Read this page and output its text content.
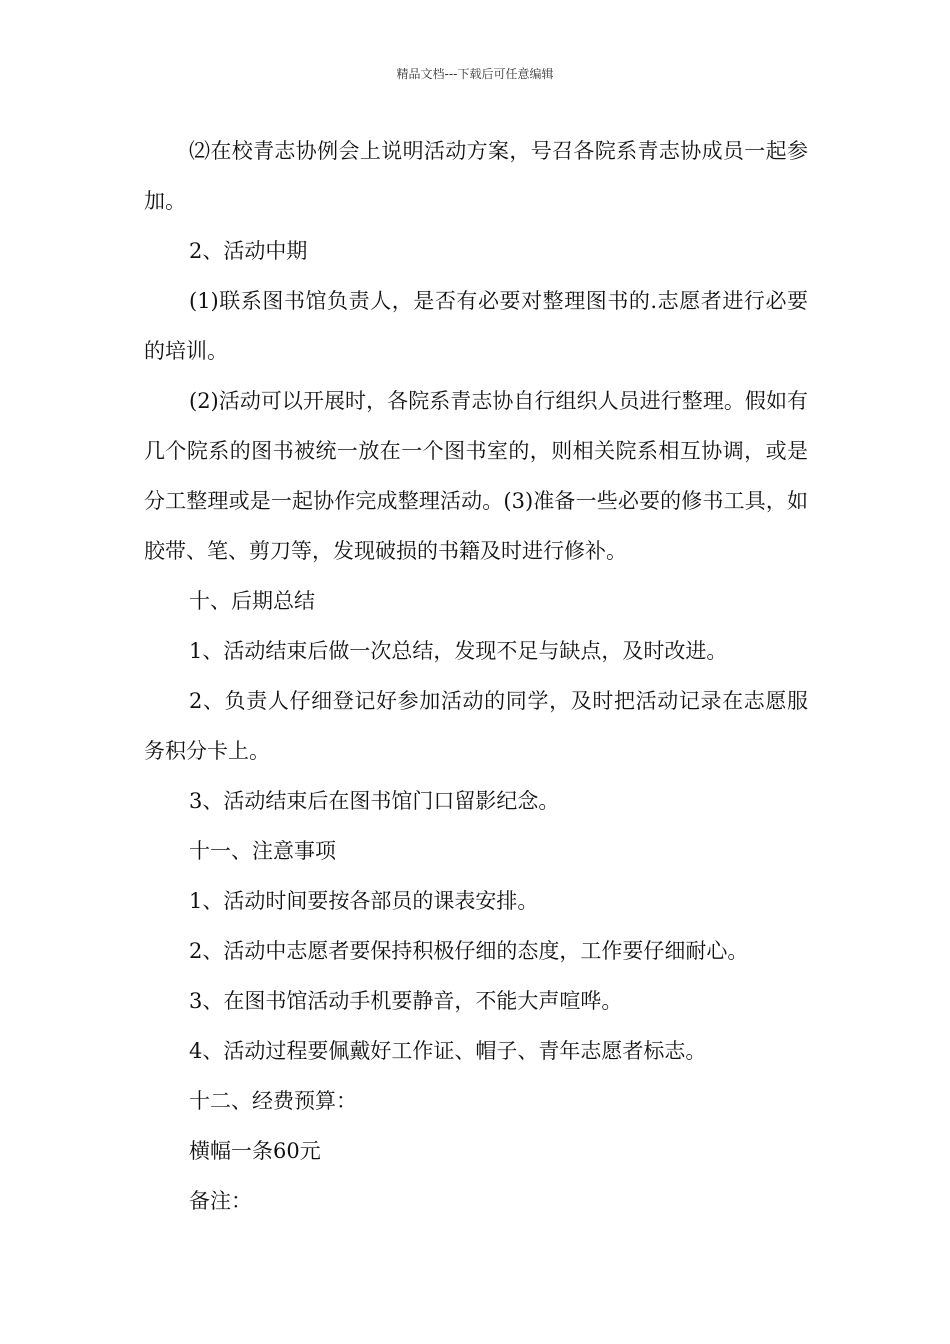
精品文档---下载后可任意编辑

⑵在校青志协例会上说明活动方案，号召各院系青志协成员一起参加。

2、活动中期

(1)联系图书馆负责人，是否有必要对整理图书的.志愿者进行必要的培训。

(2)活动可以开展时，各院系青志协自行组织人员进行整理。假如有几个院系的图书被统一放在一个图书室的，则相关院系相互协调，或是分工整理或是一起协作完成整理活动。(3)准备一些必要的修书工具，如胶带、笔、剪刀等，发现破损的书籍及时进行修补。

十、后期总结

1、活动结束后做一次总结，发现不足与缺点，及时改进。

2、负责人仔细登记好参加活动的同学，及时把活动记录在志愿服务积分卡上。

3、活动结束后在图书馆门口留影纪念。

十一、注意事项

1、活动时间要按各部员的课表安排。

2、活动中志愿者要保持积极仔细的态度，工作要仔细耐心。

3、在图书馆活动手机要静音，不能大声喧哗。

4、活动过程要佩戴好工作证、帽子、青年志愿者标志。

十二、经费预算：

横幅一条60元

备注：
